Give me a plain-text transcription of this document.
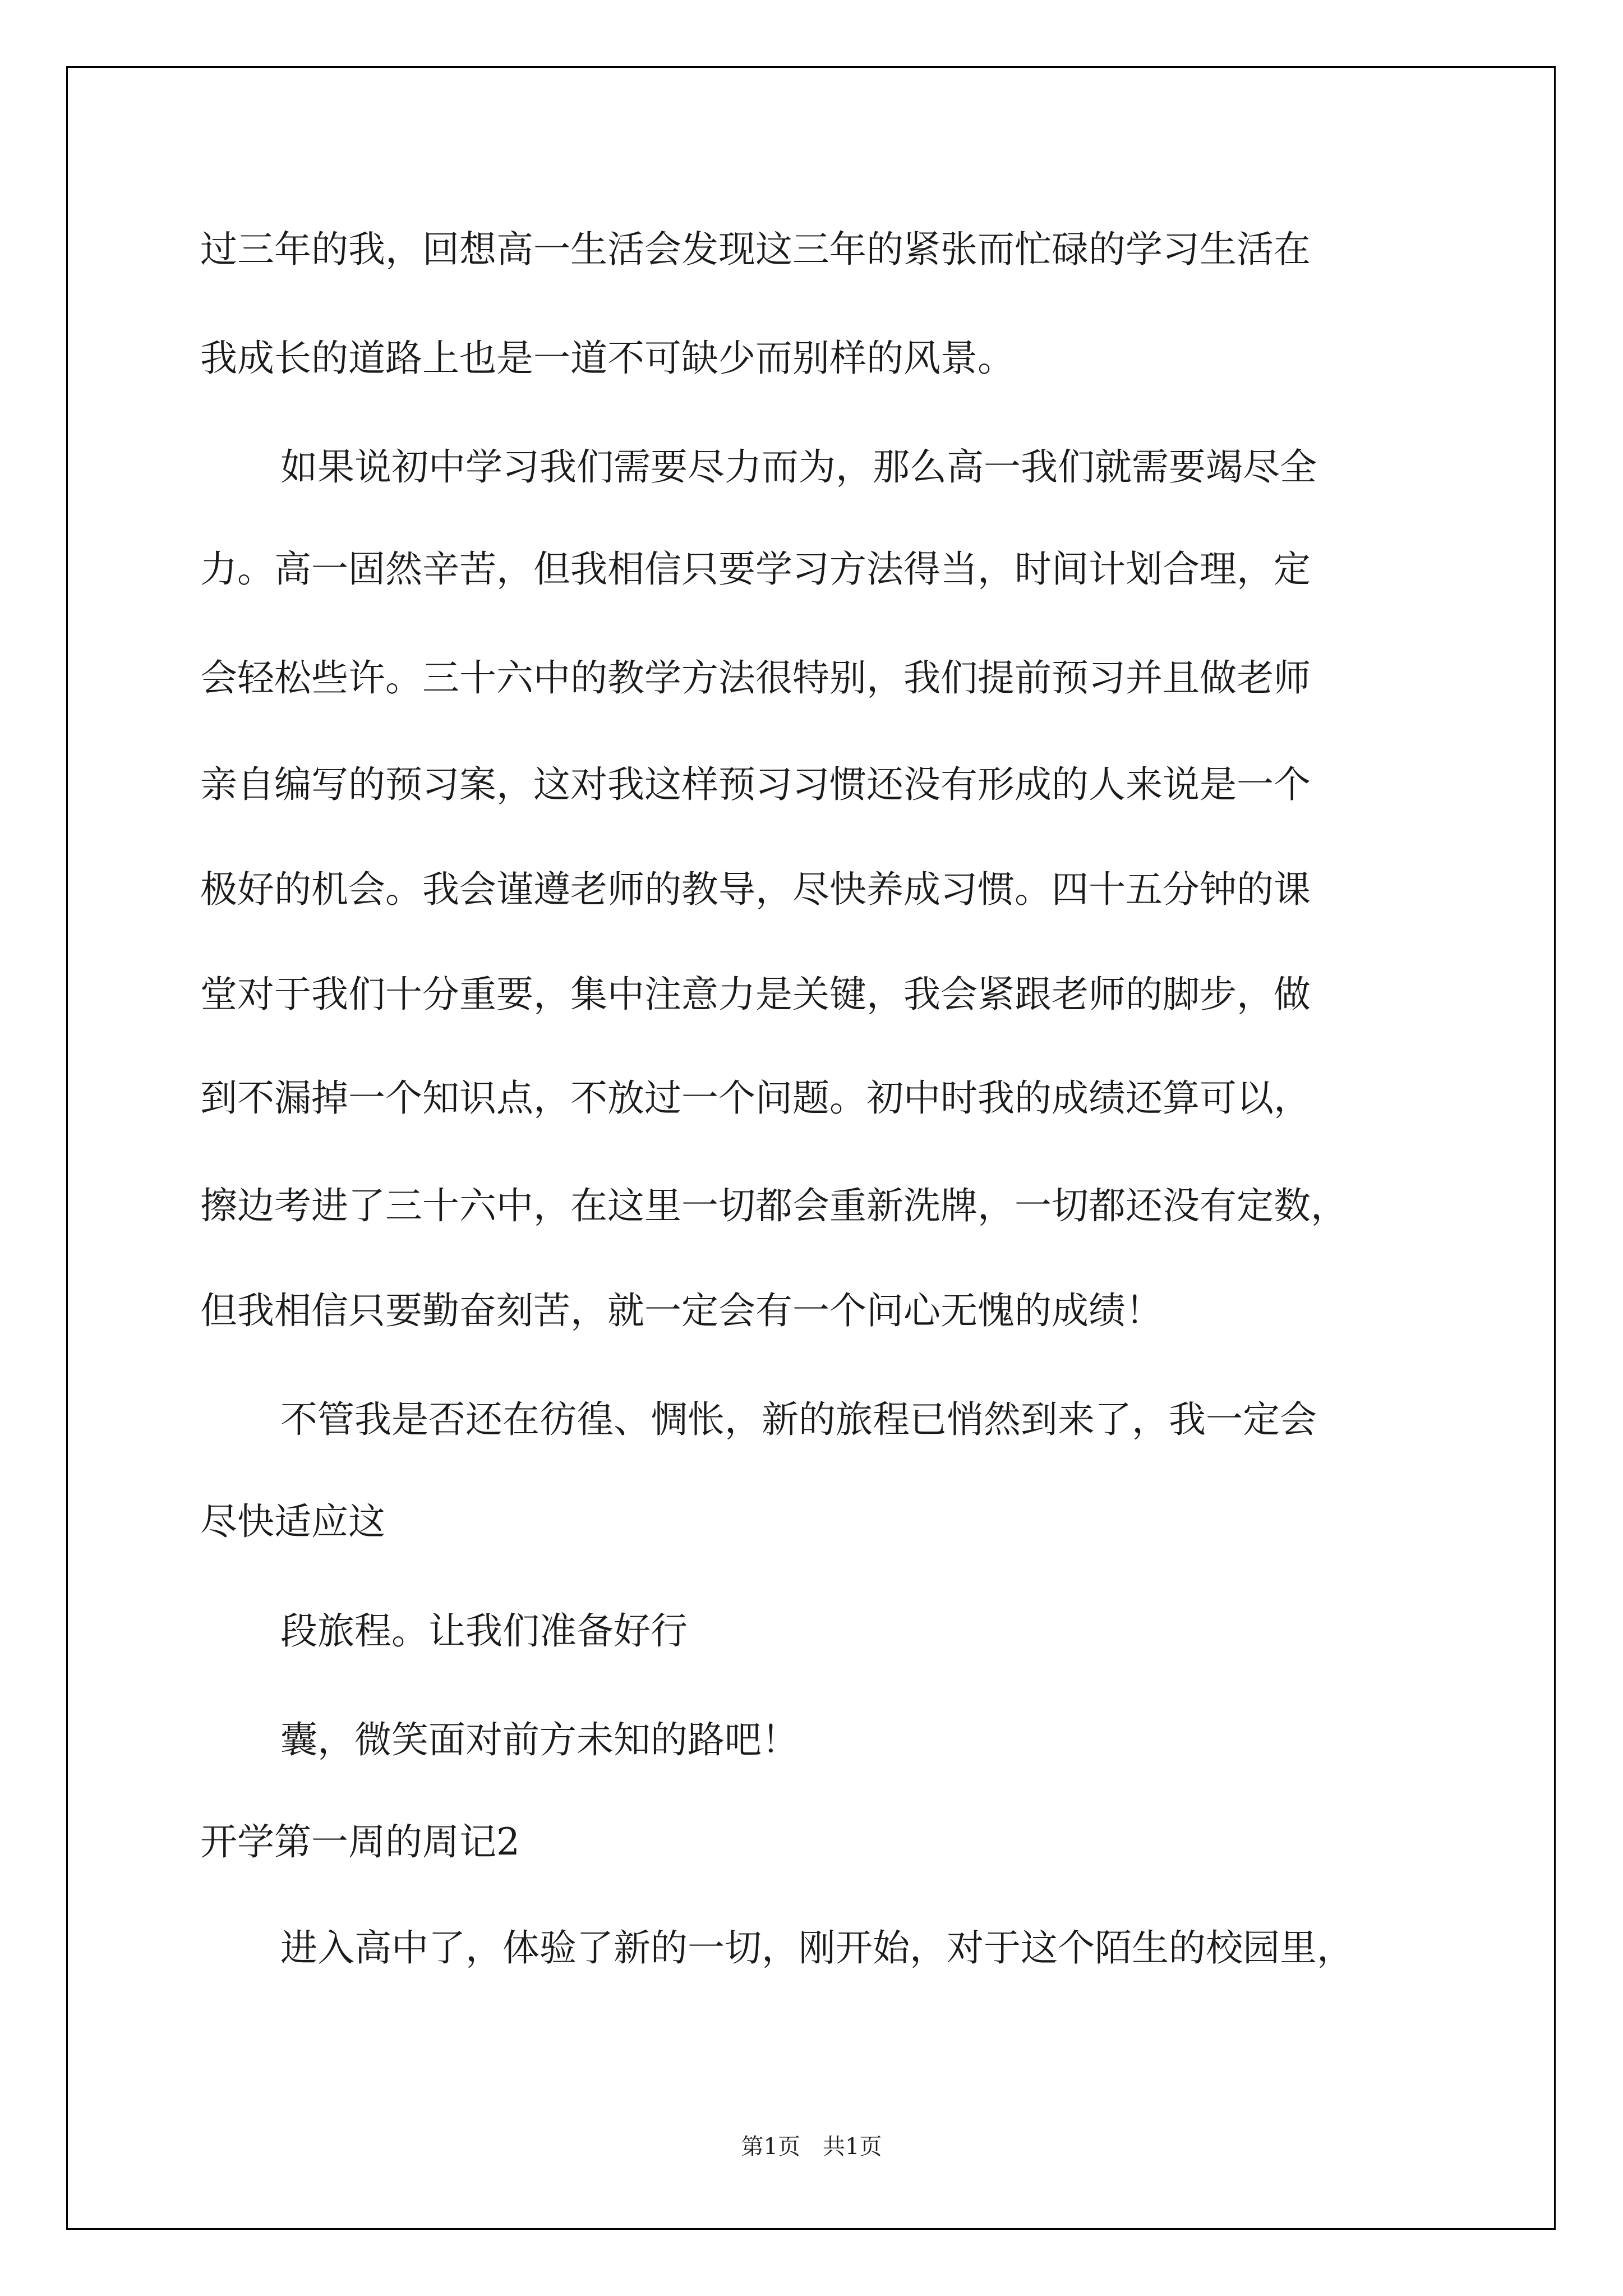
过三年的我，回想高一生活会发现这三年的紧张而忙碌的学习生活在
我成长的道路上也是一道不可缺少而别样的风景。
如果说初中学习我们需要尽力而为，那么高一我们就需要竭尽全
力。高一固然辛苦，但我相信只要学习方法得当，时间计划合理，定
会轻松些许。三十六中的教学方法很特别，我们提前预习并且做老师
亲自编写的预习案，这对我这样预习习惯还没有形成的人来说是一个
极好的机会。我会谨遵老师的教导，尽快养成习惯。四十五分钟的课
堂对于我们十分重要，集中注意力是关键，我会紧跟老师的脚步，做
到不漏掉一个知识点，不放过一个问题。初中时我的成绩还算可以，
擦边考进了三十六中，在这里一切都会重新洗牌，一切都还没有定数，
但我相信只要勤奋刻苦，就一定会有一个问心无愧的成绩！
不管我是否还在彷徨、惆怅，新的旅程已悄然到来了，我一定会
尽快适应这
段旅程。让我们准备好行
囊，微笑面对前方未知的路吧！
开学第一周的周记2
进入高中了，体验了新的一切，刚开始，对于这个陌生的校园里，
第1页　共1页
